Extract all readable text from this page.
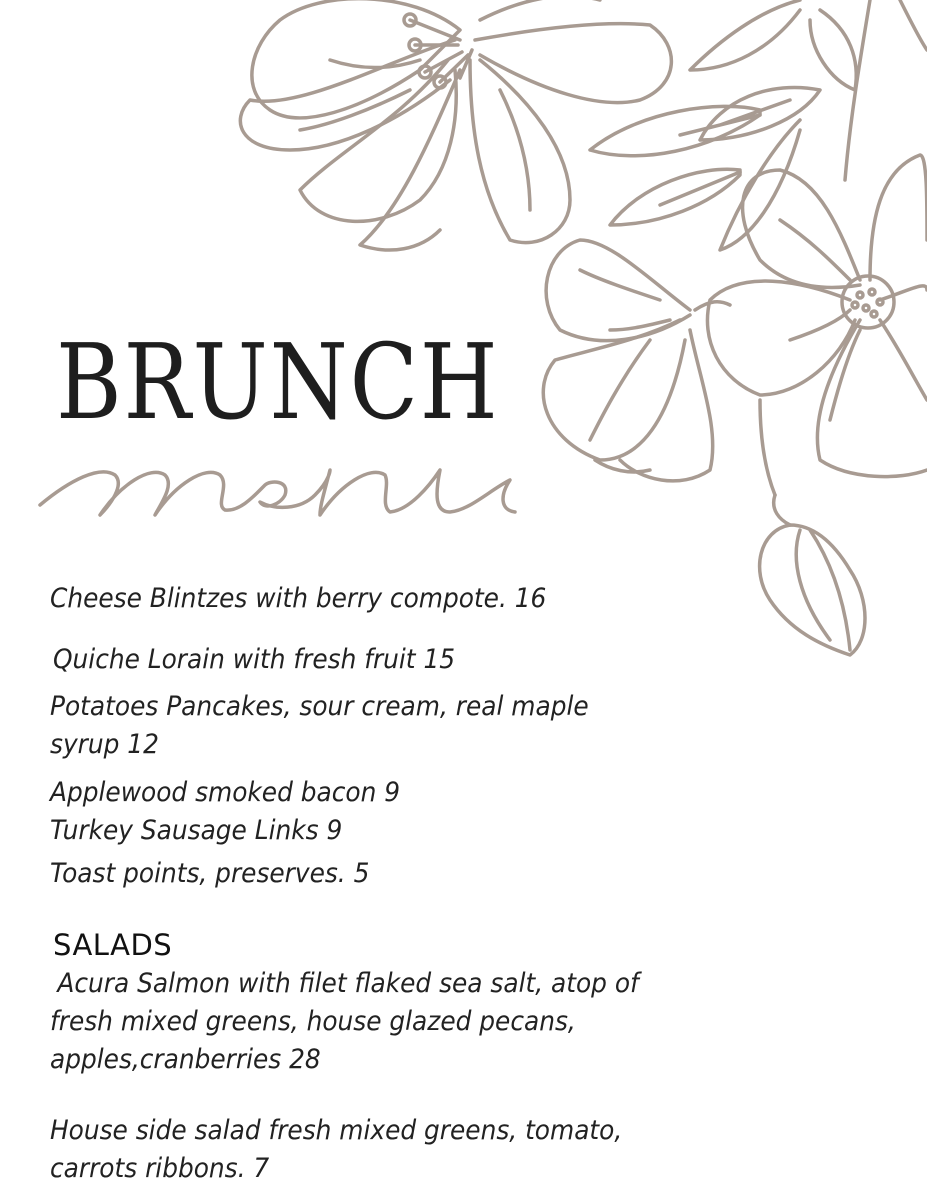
BRUNCH

Cheese Blintzes with berry compote. 16

Quiche Lorain with fresh fruit 15

Potatoes Pancakes, sour cream, real maple
syrup 12

Applewood smoked bacon 9

Turkey Sausage Links 9

Toast points, preserves. 5

SALADS

Acura Salmon with filet flaked sea salt, atop of
fresh mixed greens, house glazed pecans,
apples,cranberries 28

House side salad fresh mixed greens, tomato,
carrots ribbons. 7
